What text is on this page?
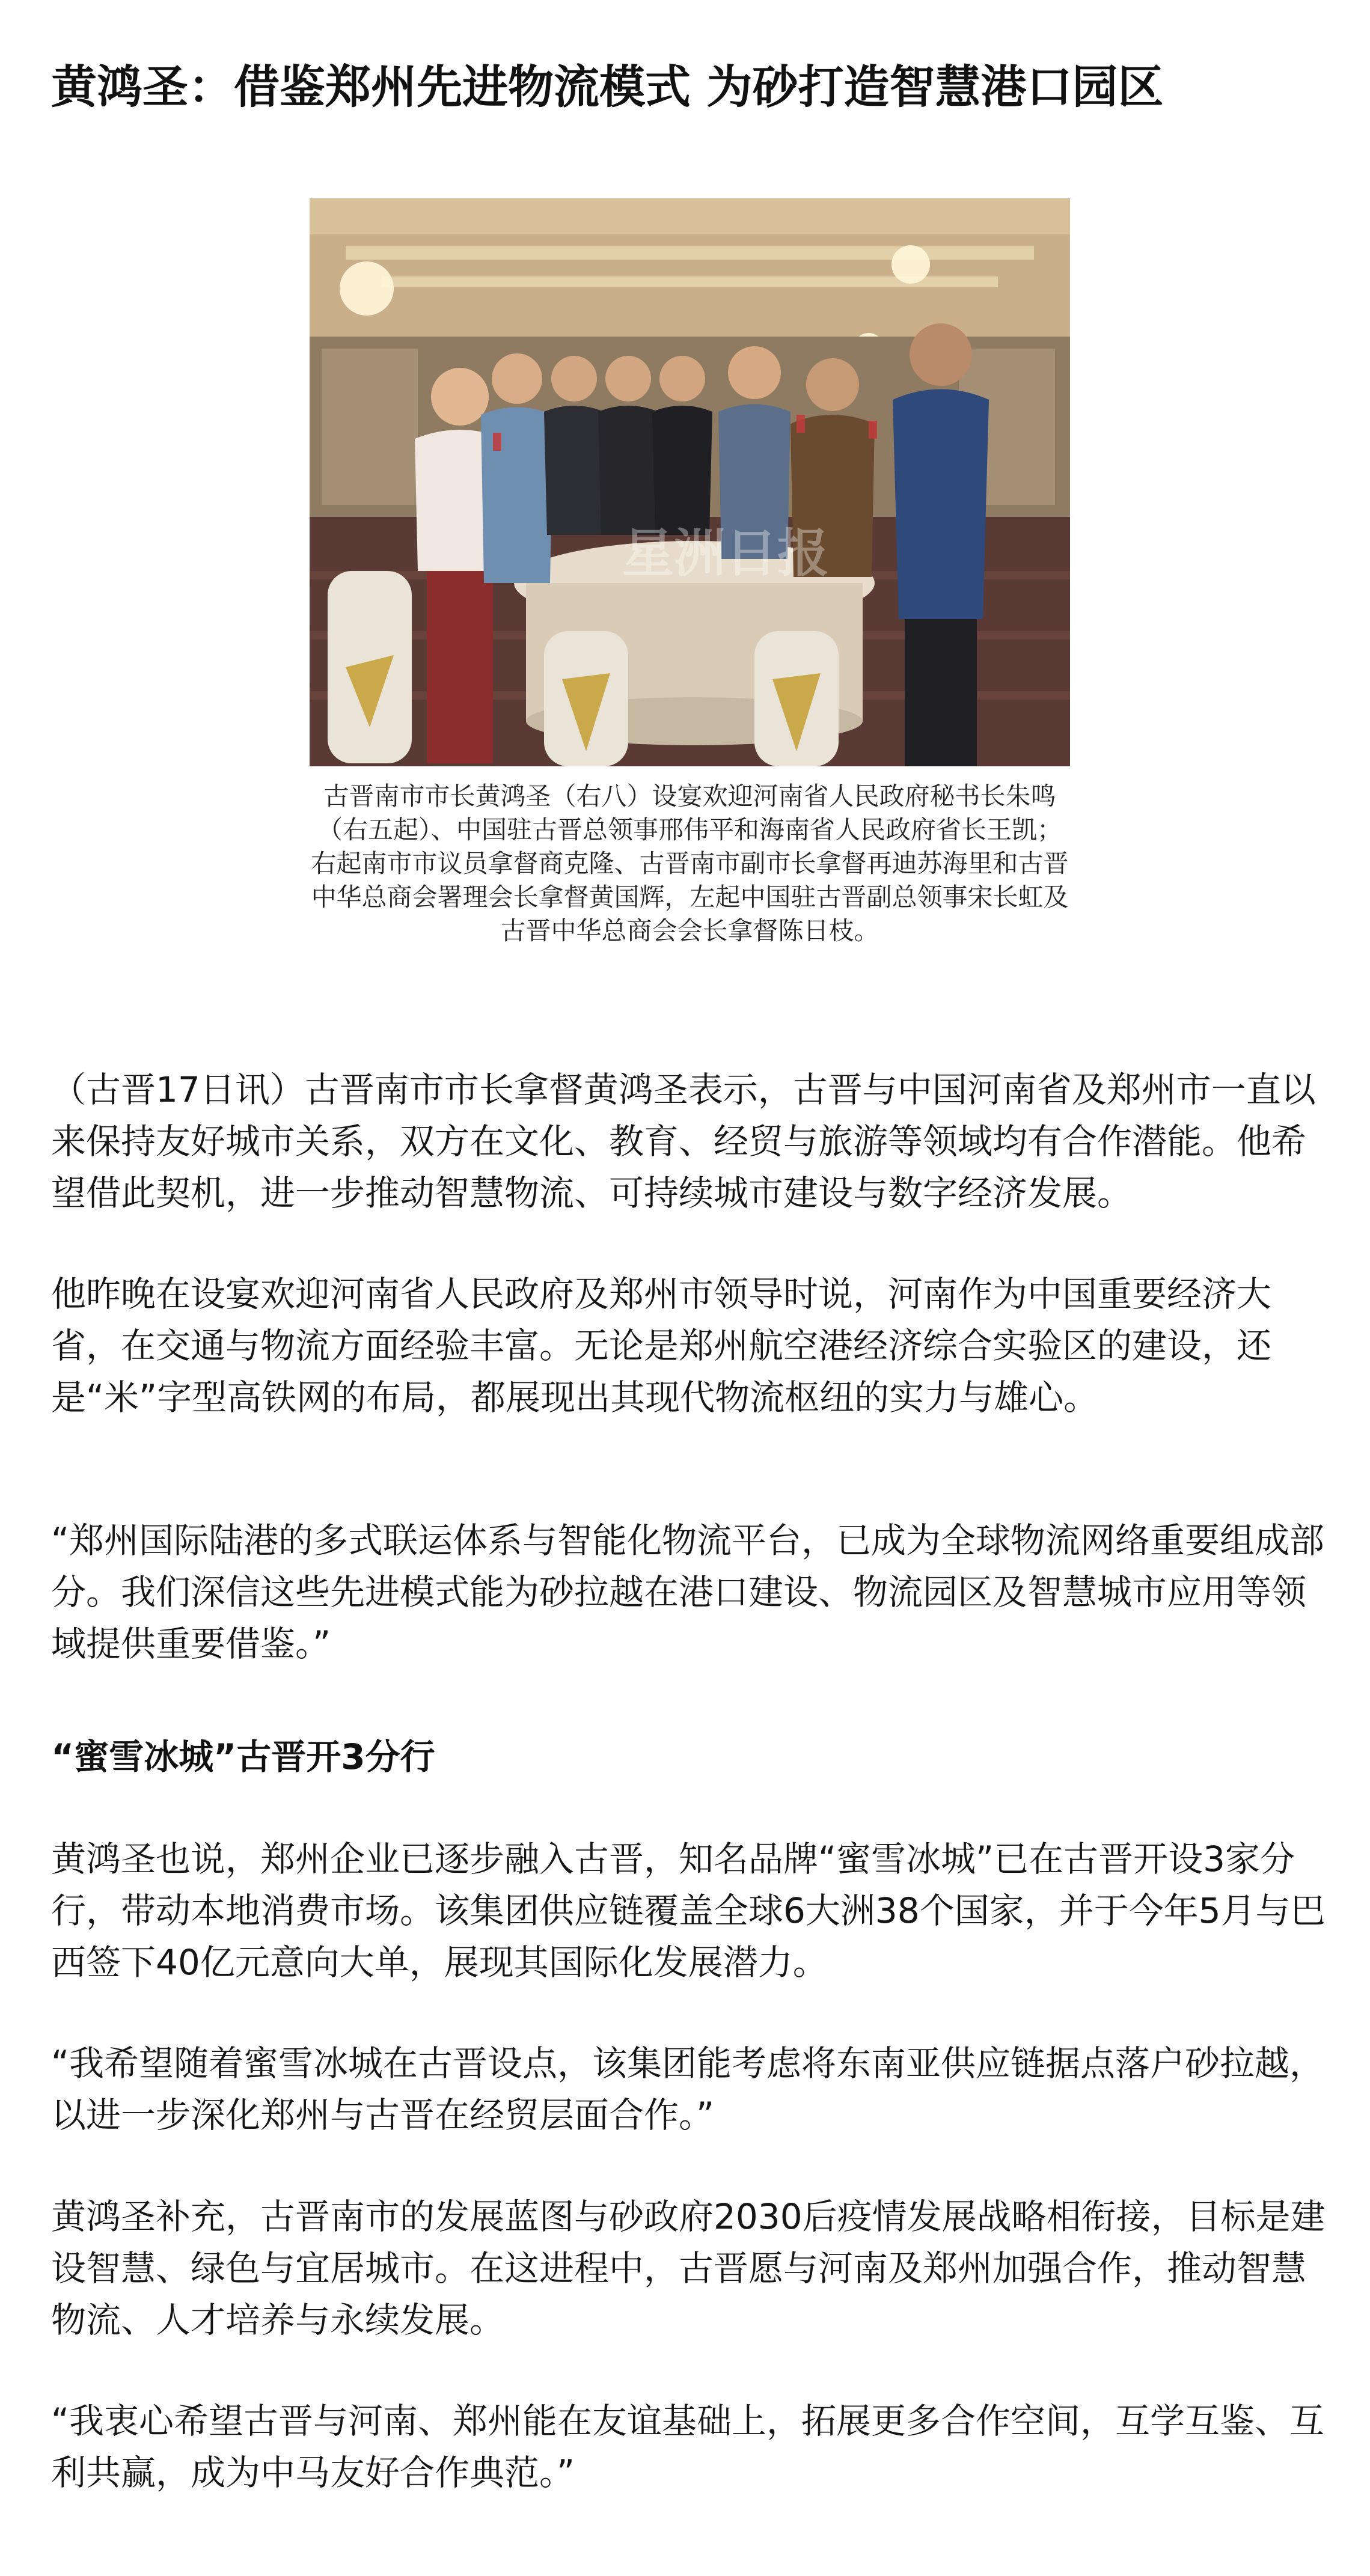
黄鸿圣：借鉴郑州先进物流模式 为砂打造智慧港口园区
星洲日报
古晋南市市长黄鸿圣（右八）设宴欢迎河南省人民政府秘书长朱鸣（右五起）、中国驻古晋总领事邢伟平和海南省人民政府省长王凯；右起南市市议员拿督商克隆、古晋南市副市长拿督再迪苏海里和古晋中华总商会署理会长拿督黄国辉，左起中国驻古晋副总领事宋长虹及古晋中华总商会会长拿督陈日枝。

（古晋17日讯）古晋南市市长拿督黄鸿圣表示，古晋与中国河南省及郑州市一直以来保持友好城市关系，双方在文化、教育、经贸与旅游等领域均有合作潜能。他希望借此契机，进一步推动智慧物流、可持续城市建设与数字经济发展。

他昨晚在设宴欢迎河南省人民政府及郑州市领导时说，河南作为中国重要经济大省，在交通与物流方面经验丰富。无论是郑州航空港经济综合实验区的建设，还是“米”字型高铁网的布局，都展现出其现代物流枢纽的实力与雄心。

“郑州国际陆港的多式联运体系与智能化物流平台，已成为全球物流网络重要组成部分。我们深信这些先进模式能为砂拉越在港口建设、物流园区及智慧城市应用等领域提供重要借鉴。”

“蜜雪冰城”古晋开3分行

黄鸿圣也说，郑州企业已逐步融入古晋，知名品牌“蜜雪冰城”已在古晋开设3家分行，带动本地消费市场。该集团供应链覆盖全球6大洲38个国家，并于今年5月与巴西签下40亿元意向大单，展现其国际化发展潜力。

“我希望随着蜜雪冰城在古晋设点，该集团能考虑将东南亚供应链据点落户砂拉越，以进一步深化郑州与古晋在经贸层面合作。”

黄鸿圣补充，古晋南市的发展蓝图与砂政府2030后疫情发展战略相衔接，目标是建设智慧、绿色与宜居城市。在这进程中，古晋愿与河南及郑州加强合作，推动智慧物流、人才培养与永续发展。

“我衷心希望古晋与河南、郑州能在友谊基础上，拓展更多合作空间，互学互鉴、互利共赢，成为中马友好合作典范。”
